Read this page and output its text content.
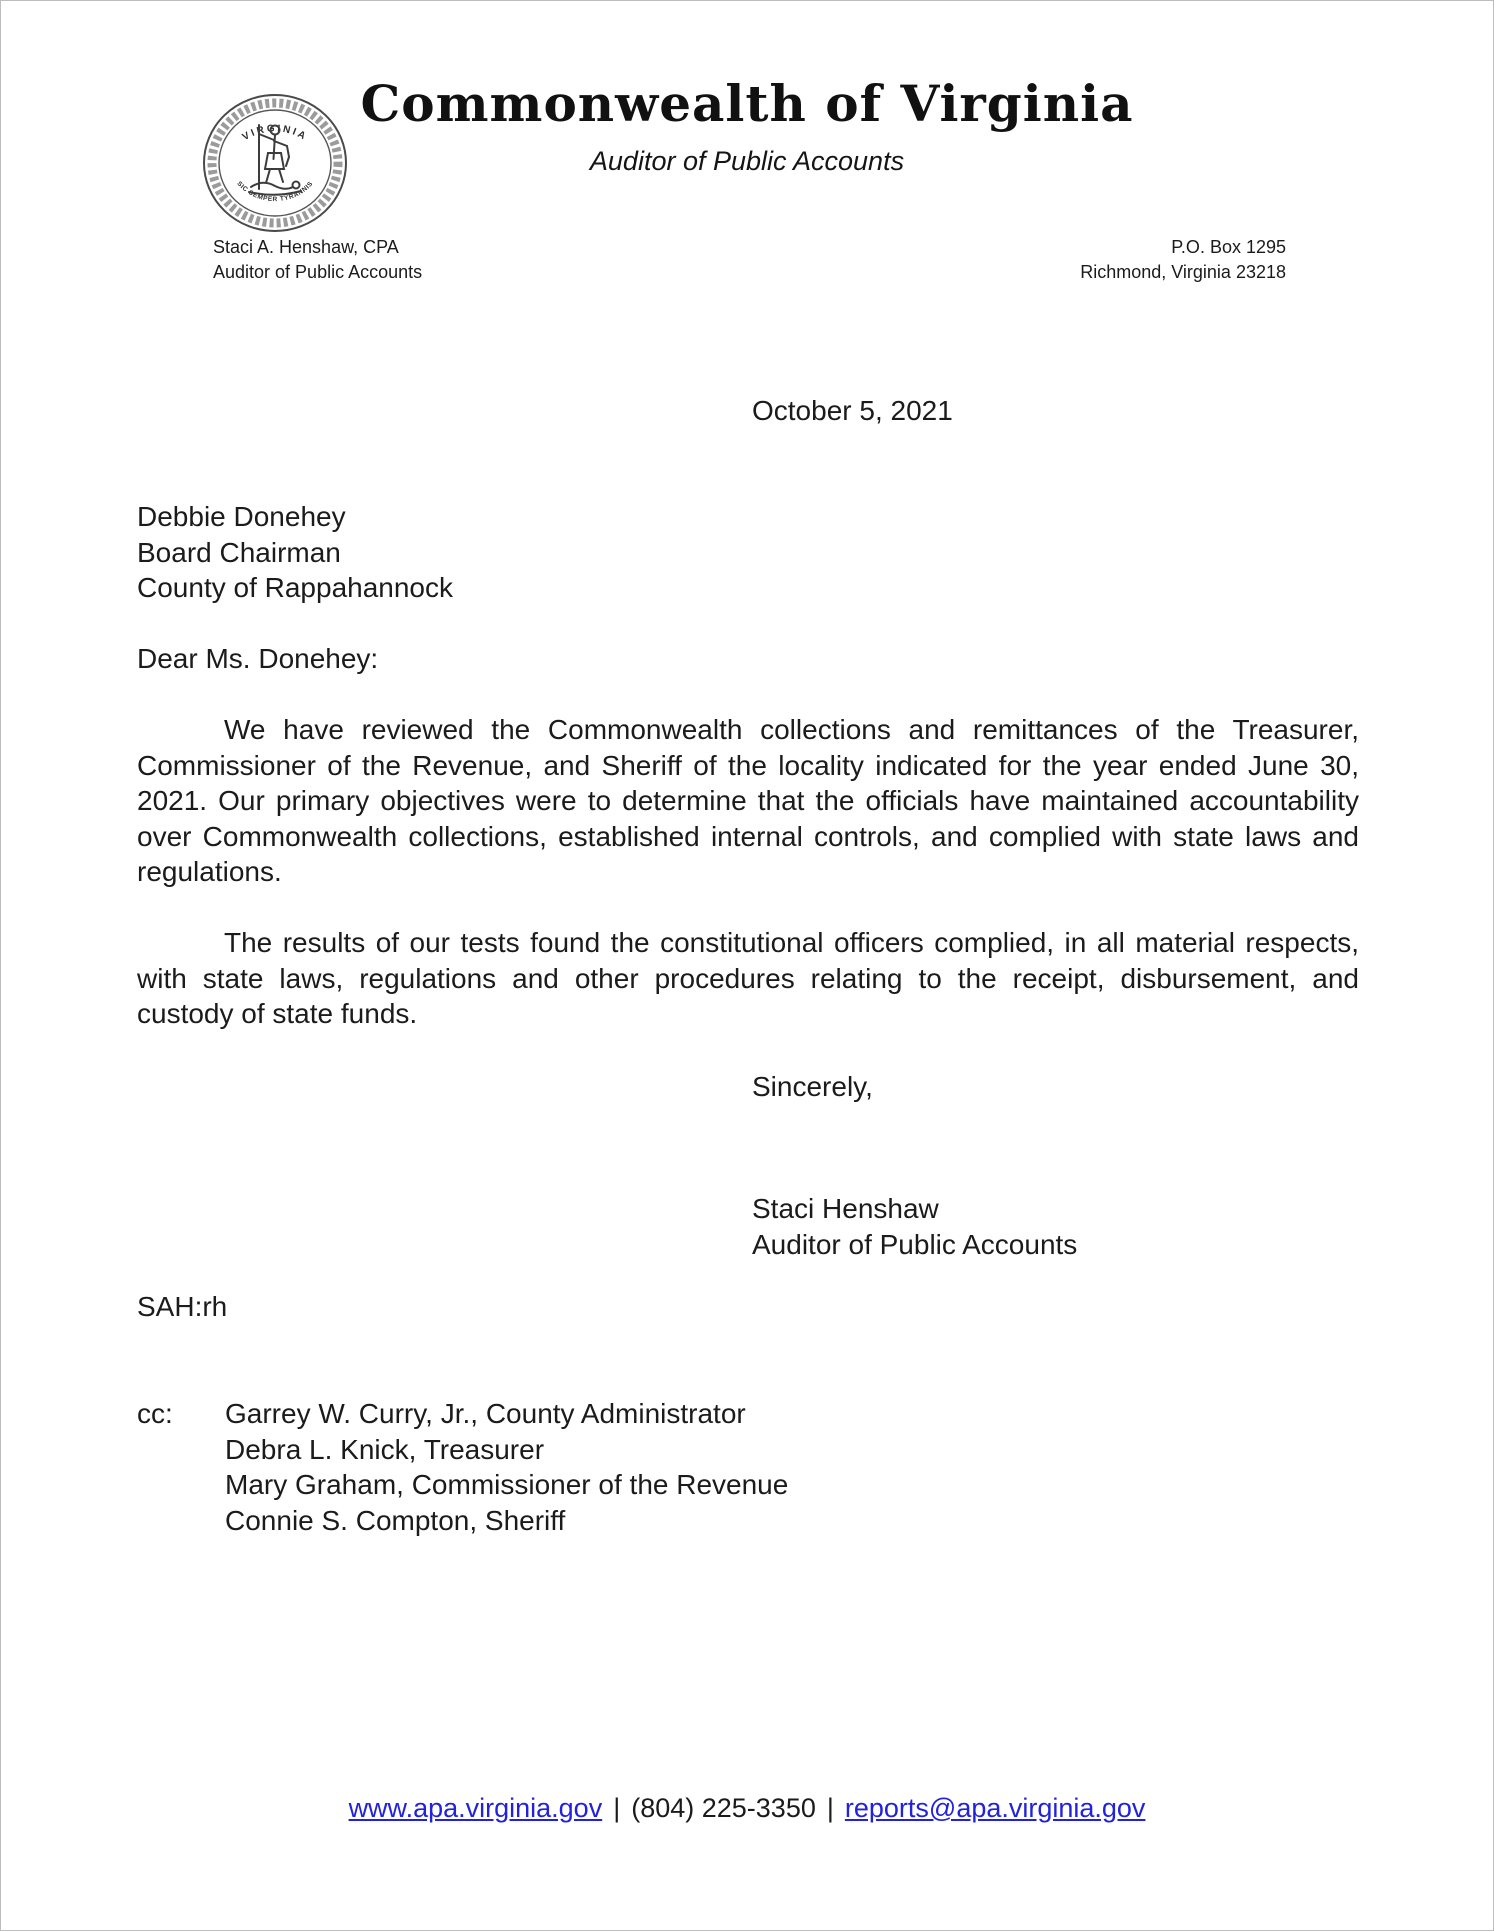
VIRGINIA
SIC SEMPER TYRANNIS
Commonwealth of Virginia
Auditor of Public Accounts
Staci A. Henshaw, CPA
Auditor of Public Accounts
P.O. Box 1295
Richmond, Virginia 23218
October 5, 2021
Debbie Donehey
Board Chairman
County of Rappahannock
Dear Ms. Donehey:

We have reviewed the Commonwealth collections and remittances of the Treasurer, Commissioner of the Revenue, and Sheriff of the locality indicated for the year ended June 30, 2021. Our primary objectives were to determine that the officials have maintained accountability over Commonwealth collections, established internal controls, and complied with state laws and regulations.

The results of our tests found the constitutional officers complied, in all material respects, with state laws, regulations and other procedures relating to the receipt, disbursement, and custody of state funds.

Sincerely,
Staci Henshaw
Auditor of Public Accounts
SAH:rh
cc:	Garrey W. Curry, Jr., County Administrator
Debra L. Knick, Treasurer
Mary Graham, Commissioner of the Revenue
Connie S. Compton, Sheriff
www.apa.virginia.gov | (804) 225-3350 | reports@apa.virginia.gov
